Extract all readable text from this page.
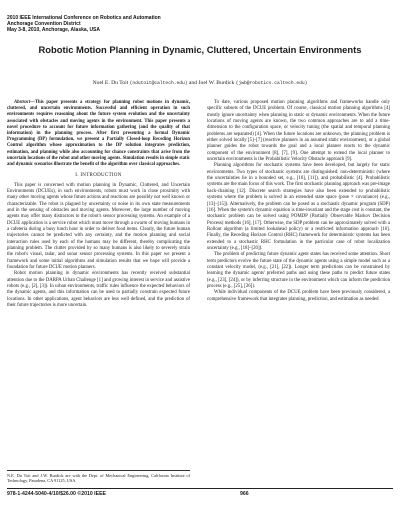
2010 IEEE International Conference on Robotics and Automation
Anchorage Convention District
May 3-8, 2010, Anchorage, Alaska, USA
Robotic Motion Planning in Dynamic, Cluttered, Uncertain Environments
Noel E. Du Toit (ndutoit@caltech.edu) and Joel W. Burdick (jwb@robotics.caltech.edu)

Abstract—This paper presents a strategy for planning robot motions in dynamic, cluttered, and uncertain environments. Successful and efficient operation in such environments requires reasoning about the future system evolution and the uncertainty associated with obstacles and moving agents in the environment. This paper presents a novel procedure to account for future information gathering (and the quality of that information) in the planning process. After first presenting a formal Dynamic Programming (DP) formulation, we present a Partially Closed-loop Receding Horizon Control algorithm whose approximation to the DP solution integrates prediction, estimation, and planning while also accounting for chance constraints that arise from the uncertain locations of the robot and other moving agents. Simulation results in simple static and dynamic scenarios illustrate the benefit of the algorithm over classical approaches.

I. INTRODUCTION

This paper is concerned with motion planning in Dynamic, Cluttered, and Uncertain Environments (DCUEs), in such environments, robots must work in close proximity with many other moving agents whose future actions and reactions are possibly not well known or characterizable. The robot is plagued by uncertainty or noise in its own state measurements and in the sensing of obstacles and moving agents. Moreover, the large number of moving agents may offer many distractors to the robot's sensor processing systems. An example of a DCUE application is a service robot which must move through a swarm of moving humans in a cafeteria during a busy lunch hour in order to deliver food items. Clearly, the future human trajectories cannot be predicted with any certainty, and the motion planning and social interaction rules used by each of the humans may be different, thereby complicating the planning problem. The clutter provided by so many humans is also likely to severely strain the robot's visual, tadar, and sonar sensor processing systems. In this paper we present a framework and some initial algorithms and simulation results that we hope will provide a foundation for future DCUE motion planners.

Robot motion planning in dynamic environments has recently received substantial attention due to the DARPA Urban Challenge [1] and growing interest in service and assistive robots (e.g., [2], [3]). In urban environments, traffic rules influence the expected behaviors of the dynamic agents, and this information can be used to partially constrain expected future locations. In other applications, agent behaviors are less well defined, and the prediction of their future trajectories is more uncertain.

N.E. Du Toit and J.W. Burdick are with the Dept. of Mechanical Engineering, California Institute of Technology, Pasadena, CA 91125, USA.

To date, various proposed motion planning algorithms and frameworks handle only specific subsets of the DCUE problem. Of course, classical motion planning algorithms [4] mostly ignore uncertainty when planning in static or dynamic environments. When the future locations of moving agents are known, the two common approaches are to add a time-dimension to the configuration space, or velocity tuning (the spatial and temporal planning problems are separated) [4]. When the future locations are unknown, the planning problem is either solved locally [5]–[7] (reactive planners in an assumed static environment), or a global planner guides the robot towards the goal and a local planner reacts to the dynamic component of the environment [8], [7], [9]. One attempt to extend the local planner to uncertain environments is the Probabilistic Velocity Obstacle approach [9].

Planning algorithms for stochastic systems have been developed, but largely for static environments. Two types of stochastic systems are distinguished: non-deterministic (where the uncertainties lie in a bounded set, e.g., [10], [11]), and probabilistic [4]. Probabilistic systems are the main focus of this work. The first stochastic planning approach was pre-image back-chaining [12]. Discrete search strategies have also been extended to probabilistic systems where the problem is solved in an extended state space (pose × covariance) (e.g., [13]–[15]). Alternatively, the problem can be posed as a stochastic dynamic program (SDP) [16]. When the system's dynamic equation is time-invariant and the stage cost is constant, the stochastic problem can be solved using POMDP (Partially Observable Markov Decision Process) methods [16], [17]. Otherwise, the SDP problem can be approximately solved with a Rollout algorithm (a limited lookahead policy) or a restricted information approach [16]. Finally, the Receding Horizon Control (RHC) framework for deterministic systems has been extended to a stochastic RHC formulation in the particular case of robot localization uncertainty (e.g., [18]–[20]).

The problem of predicting future dynamic agent states has received some attention. Short term predictors evolve the future state of the dynamic agents using a simple model such as a constant velocity model, (e.g., [21], [22]). Longer term predictions can be constrained by learning the dynamic agents' preferred paths and using these paths to predict future states (e.g., [23], [24]), or by inferring structure in the environment which can inform the prediction process (e.g., [25], [26]).

While individual components of the DCUE problem have been previously considered, a comprehensive framework that integrates planning, prediction, and estimation as needed

978-1-4244-5040-4/10/$26.00 ©2010 IEEE	966
